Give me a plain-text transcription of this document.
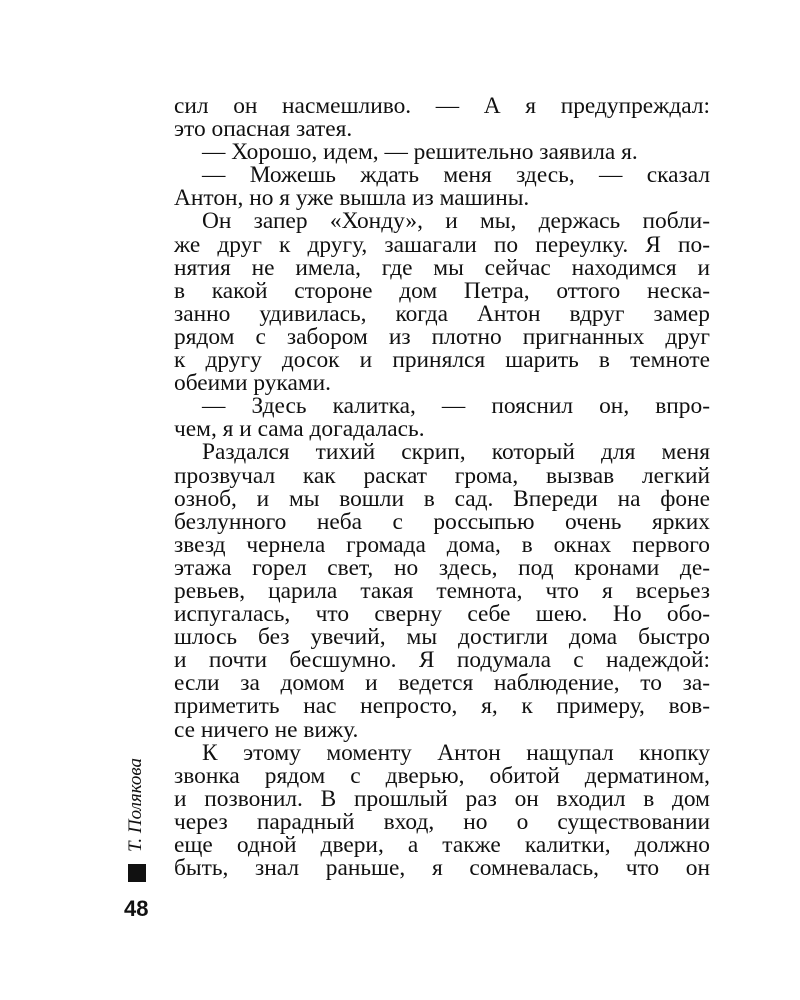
сил он насмешливо. — А я предупреждал:
это опасная затея.
— Хорошо, идем, — решительно заявила я.
— Можешь ждать меня здесь, — сказал
Антон, но я уже вышла из машины.
Он запер «Хонду», и мы, держась побли-
же друг к другу, зашагали по переулку. Я по-
нятия не имела, где мы сейчас находимся и
в какой стороне дом Петра, оттого неска-
занно удивилась, когда Антон вдруг замер
рядом с забором из плотно пригнанных друг
к другу досок и принялся шарить в темноте
обеими руками.
— Здесь калитка, — пояснил он, впро-
чем, я и сама догадалась.
Раздался тихий скрип, который для меня
прозвучал как раскат грома, вызвав легкий
озноб, и мы вошли в сад. Впереди на фоне
безлунного неба с россыпью очень ярких
звезд чернела громада дома, в окнах первого
этажа горел свет, но здесь, под кронами де-
ревьев, царила такая темнота, что я всерьез
испугалась, что сверну себе шею. Но обо-
шлось без увечий, мы достигли дома быстро
и почти бесшумно. Я подумала с надеждой:
если за домом и ведется наблюдение, то за-
приметить нас непросто, я, к примеру, вов-
се ничего не вижу.
К этому моменту Антон нащупал кнопку
звонка рядом с дверью, обитой дерматином,
и позвонил. В прошлый раз он входил в дом
через парадный вход, но о существовании
еще одной двери, а также калитки, должно
быть, знал раньше, я сомневалась, что он
Т. Полякова
48
